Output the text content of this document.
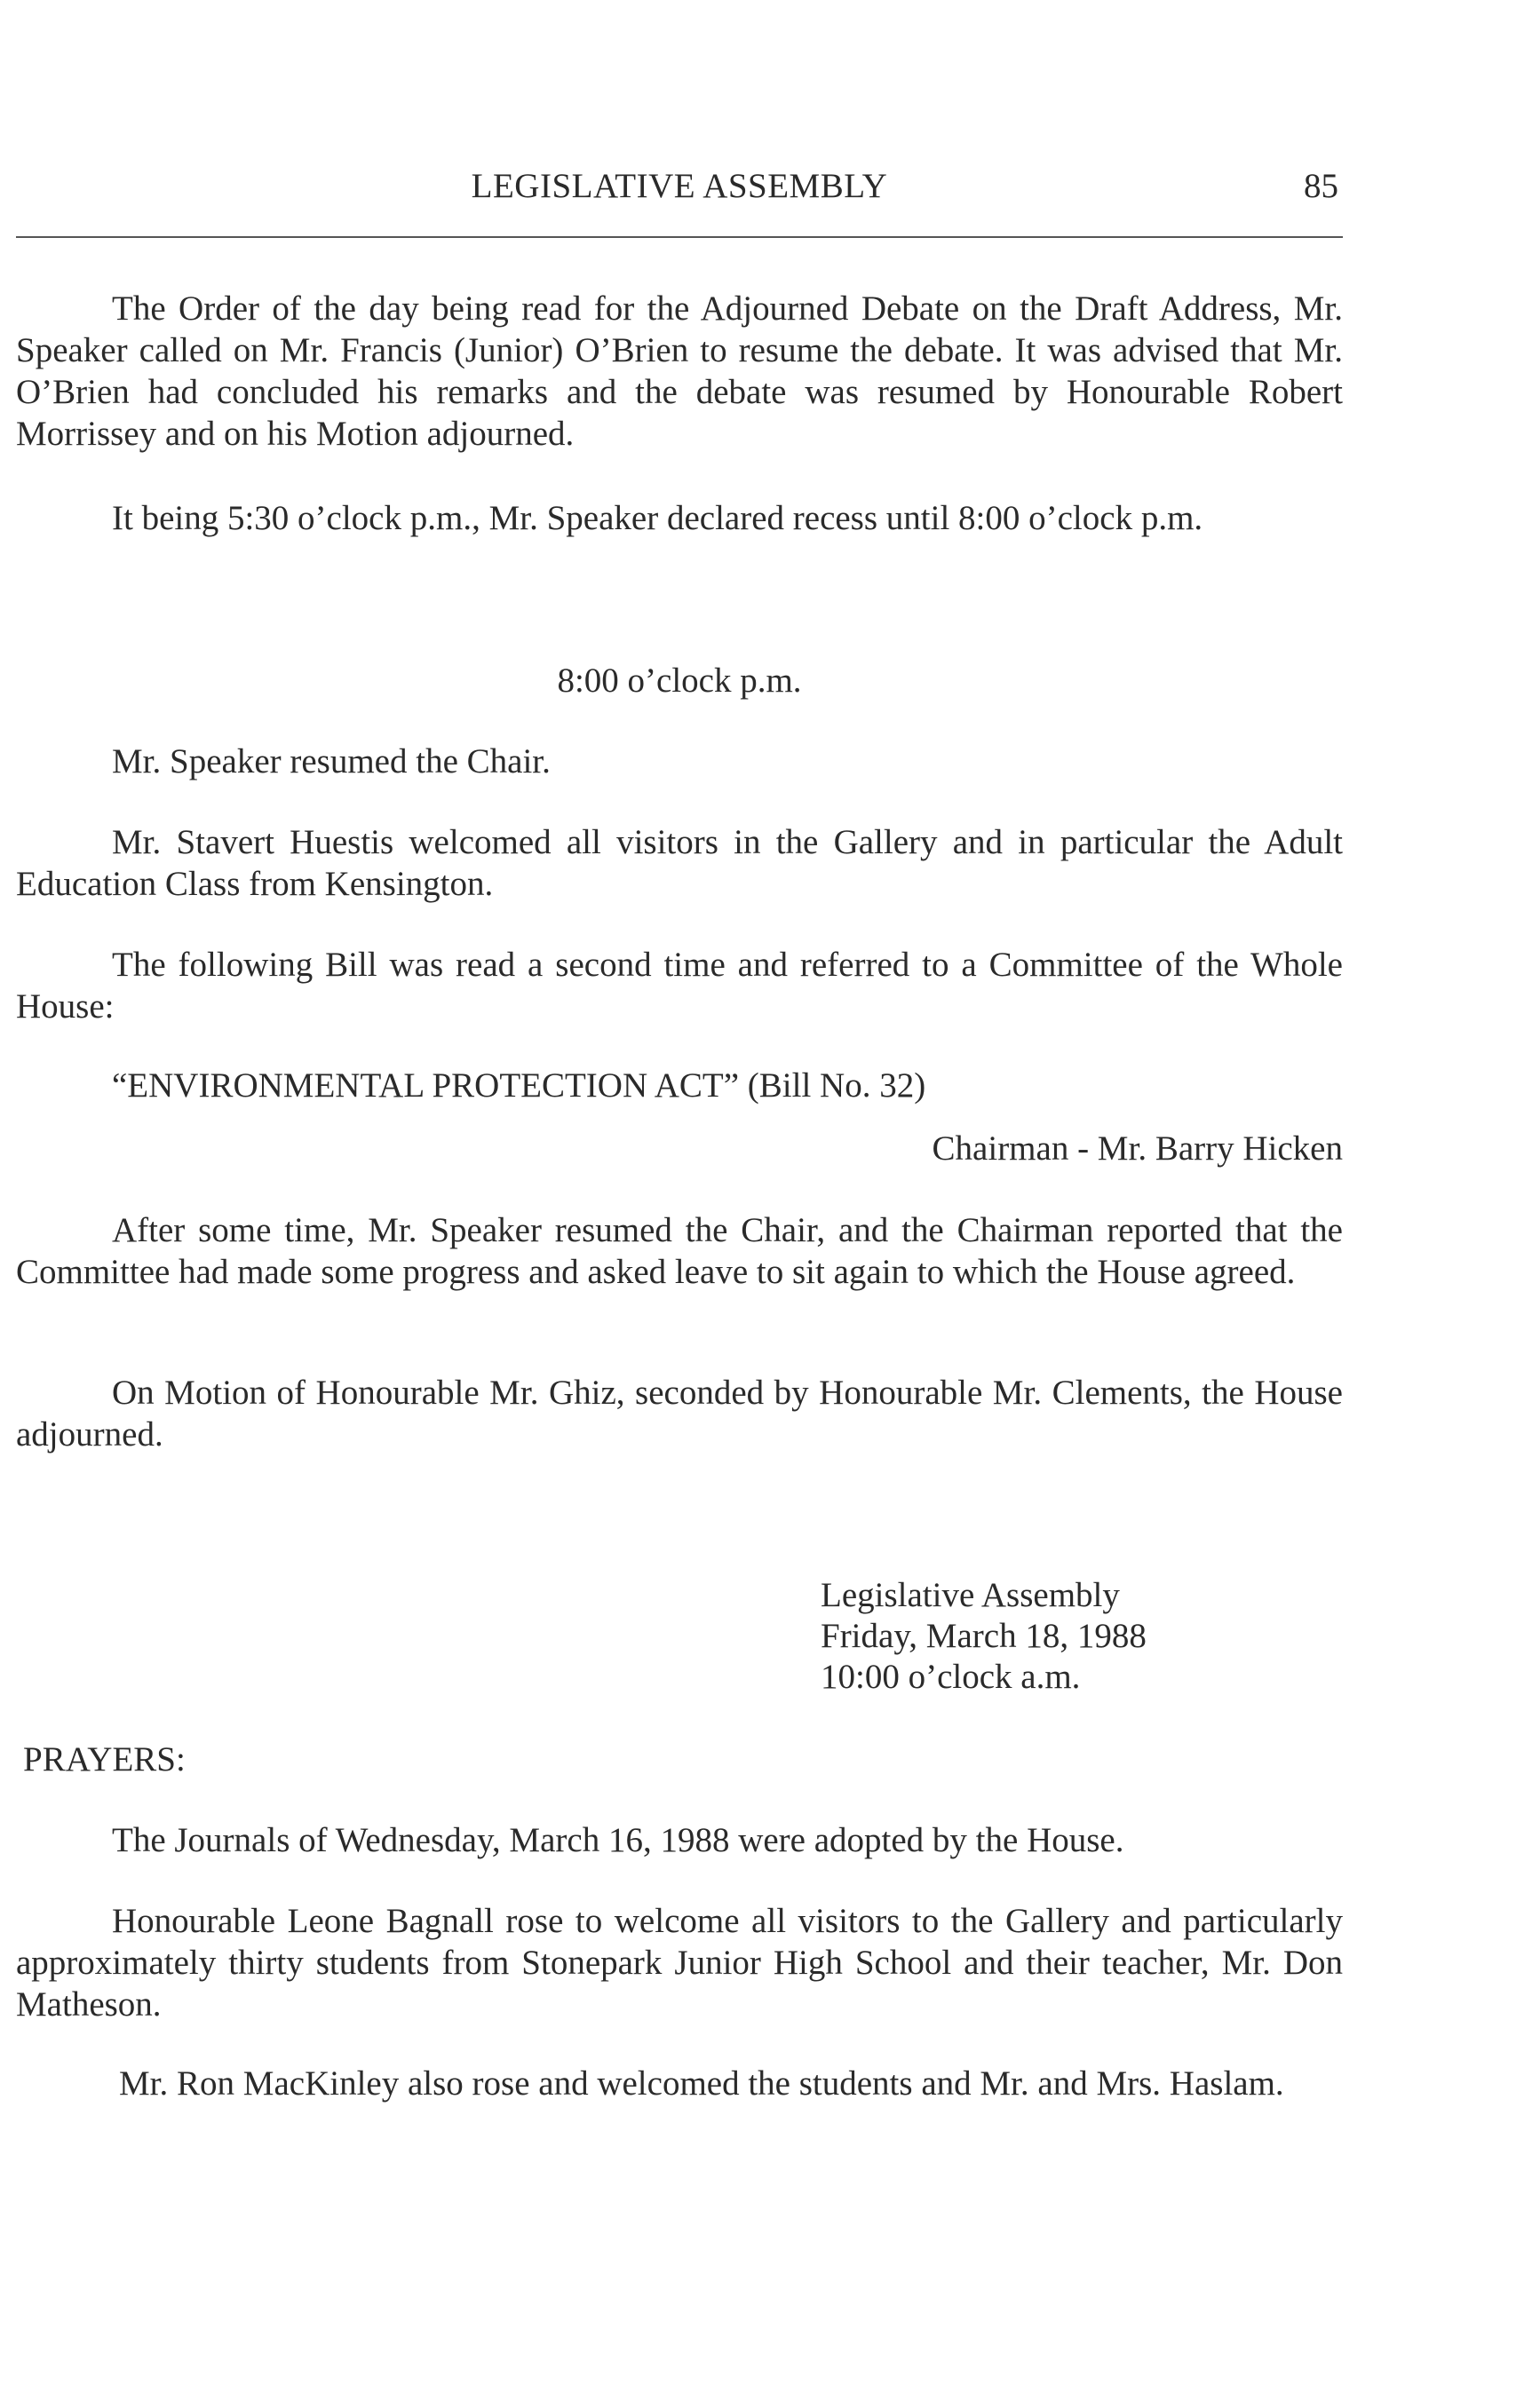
LEGISLATIVE ASSEMBLY	85
The Order of the day being read for the Adjourned Debate on the Draft Address, Mr. Speaker called on Mr. Francis (Junior) O’Brien to resume the debate. It was advised that Mr. O’Brien had concluded his remarks and the debate was resumed by Honourable Robert Morrissey and on his Motion adjourned.
It being 5:30 o’clock p.m., Mr. Speaker declared recess until 8:00 o’clock p.m.
8:00 o’clock p.m.
Mr. Speaker resumed the Chair.
Mr. Stavert Huestis welcomed all visitors in the Gallery and in particular the Adult Education Class from Kensington.
The following Bill was read a second time and referred to a Committee of the Whole House:
“ENVIRONMENTAL PROTECTION ACT” (Bill No. 32)
Chairman - Mr. Barry Hicken
After some time, Mr. Speaker resumed the Chair, and the Chairman reported that the Committee had made some progress and asked leave to sit again to which the House agreed.
On Motion of Honourable Mr. Ghiz, seconded by Honourable Mr. Clements, the House adjourned.
Legislative Assembly
Friday, March 18, 1988
10:00 o’clock a.m.
PRAYERS:
The Journals of Wednesday, March 16, 1988 were adopted by the House.
Honourable Leone Bagnall rose to welcome all visitors to the Gallery and particularly approximately thirty students from Stonepark Junior High School and their teacher, Mr. Don Matheson.
Mr. Ron MacKinley also rose and welcomed the students and Mr. and Mrs. Haslam.
